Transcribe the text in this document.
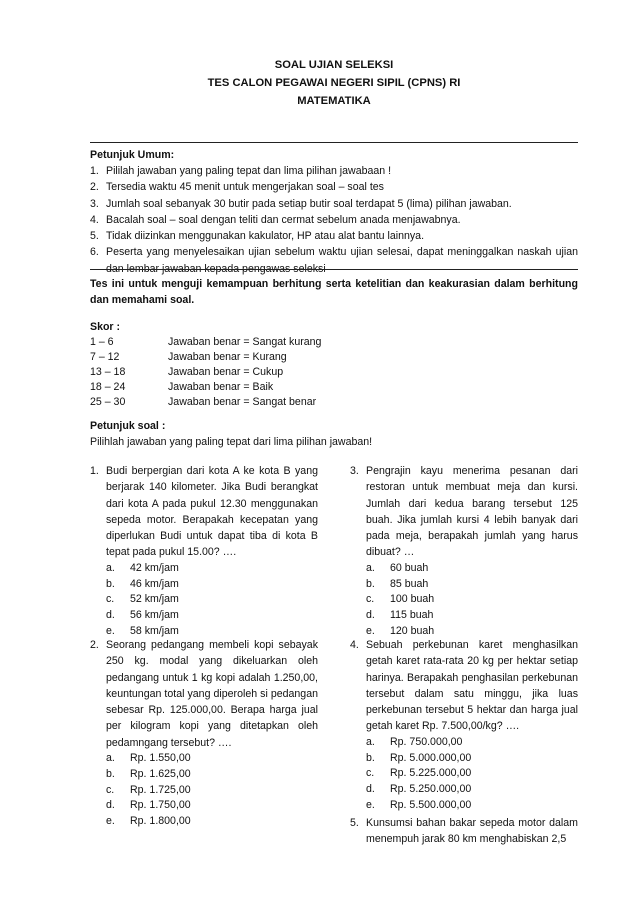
SOAL UJIAN SELEKSI
TES CALON PEGAWAI NEGERI SIPIL (CPNS) RI
MATEMATIKA
Petunjuk Umum:
1. Pililah jawaban yang paling tepat dan lima pilihan jawabaan !
2. Tersedia waktu 45 menit untuk mengerjakan soal – soal tes
3. Jumlah soal sebanyak 30 butir pada setiap butir soal terdapat 5 (lima) pilihan jawaban.
4. Bacalah soal – soal dengan teliti dan cermat sebelum anada menjawabnya.
5. Tidak diizinkan menggunakan kakulator, HP atau alat bantu lainnya.
6. Peserta yang menyelesaikan ujian sebelum waktu ujian selesai, dapat meninggalkan naskah ujian dan lembar jawaban kepada pengawas seleksi
Tes ini untuk menguji kemampuan berhitung serta ketelitian dan keakurasian dalam berhitung dan memahami soal.
Skor :
1 – 6	Jawaban benar = Sangat kurang
7 – 12	Jawaban benar = Kurang
13 – 18	Jawaban benar = Cukup
18 – 24	Jawaban benar = Baik
25 – 30	Jawaban benar = Sangat benar
Petunjuk soal :
Pilihlah jawaban yang paling tepat dari lima pilihan jawaban!
1. Budi berpergian dari kota A ke kota B yang berjarak 140 kilometer. Jika Budi berangkat dari kota A pada pukul 12.30 menggunakan sepeda motor. Berapakah kecepatan yang diperlukan Budi untuk dapat tiba di kota B tepat pada pukul 15.00? ….
a. 42 km/jam
b. 46 km/jam
c. 52 km/jam
d. 56 km/jam
e. 58 km/jam
2. Seorang pedangang membeli kopi sebayak 250 kg. modal yang dikeluarkan oleh pedangang untuk 1 kg kopi adalah 1.250,00, keuntungan total yang diperoleh si pedangan sebesar Rp. 125.000,00. Berapa harga jual per kilogram kopi yang ditetapkan oleh pedamngang tersebut? ….
a. Rp. 1.550,00
b. Rp. 1.625,00
c. Rp. 1.725,00
d. Rp. 1.750,00
e. Rp. 1.800,00
3. Pengrajin kayu menerima pesanan dari restoran untuk membuat meja dan kursi. Jumlah dari kedua barang tersebut 125 buah. Jika jumlah kursi 4 lebih banyak dari pada meja, berapakah jumlah yang harus dibuat? …
a. 60 buah
b. 85 buah
c. 100 buah
d. 115 buah
e. 120 buah
4. Sebuah perkebunan karet menghasilkan getah karet rata-rata 20 kg per hektar setiap harinya. Berapakah penghasilan perkebunan tersebut dalam satu minggu, jika luas perkebunan tersebut 5 hektar dan harga jual getah karet Rp. 7.500,00/kg? ….
a. Rp. 750.000,00
b. Rp. 5.000.000,00
c. Rp. 5.225.000,00
d. Rp. 5.250.000,00
e. Rp. 5.500.000,00
5. Kunsumsi bahan bakar sepeda motor dalam menempuh jarak 80 km menghabiskan 2,5
